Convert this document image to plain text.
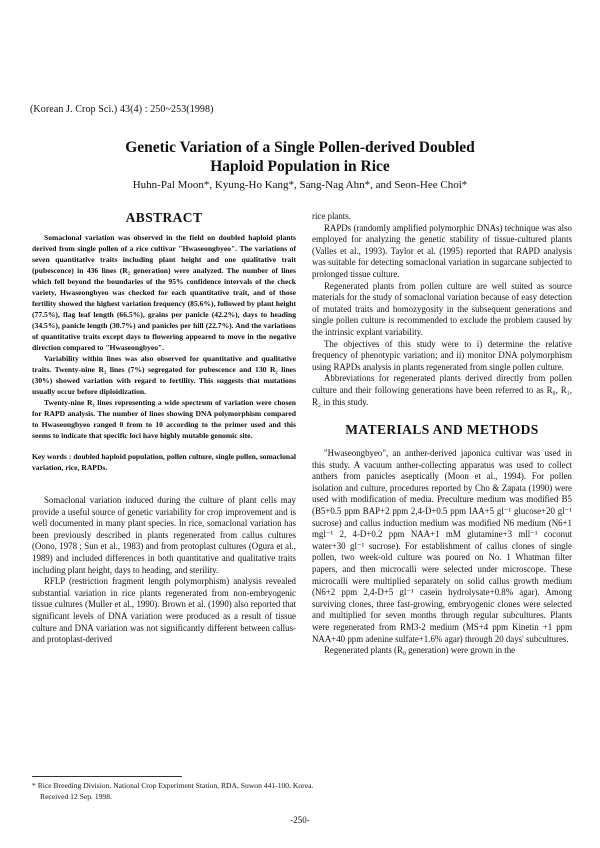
(Korean J. Crop Sci.) 43(4) : 250~253(1998)
Genetic Variation of a Single Pollen-derived Doubled
Haploid Population in Rice
Huhn-Pal Moon*, Kyung-Ho Kang*, Sang-Nag Ahn*, and Seon-Hee Choi*
ABSTRACT

Somaclonal variation was observed in the field on doubled haploid plants derived from single pollen of a rice cultivar "Hwaseongbyeo". The variations of seven quantitative traits including plant height and one qualitative trait (pubescence) in 436 lines (R₂ generation) were analyzed. The number of lines which fell beyond the boundaries of the 95% confidence intervals of the check variety, Hwaseongbyeo was checked for each quantitative trait, and of those fertility showed the highest variation frequency (85.6%), followed by plant height (77.5%), flag leaf length (66.5%), grains per panicle (42.2%), days to heading (34.5%), panicle length (30.7%) and panicles per hill (22.7%). And the variations of quantitative traits except days to flowering appeared to move in the negative direction compared to "Hwaseongbyeo".

Variability within lines was also observed for quantitative and qualitative traits. Twenty-nine R₂ lines (7%) segregated for pubescence and 130 R₂ lines (30%) showed variation with regard to fertility. This suggests that mutations usually occur before diploidization.

Twenty-nine R₂ lines representing a wide spectrum of variation were chosen for RAPD analysis. The number of lines showing DNA polymorphism compared to Hwaseongbyeo ranged 0 from to 10 according to the primer used and this seems to indicate that specific loci have highly mutable genomic site.

Key words : doubled haploid population, pollen culture, single pollen, somaclonal variation, rice, RAPDs.

Somaclonal variation induced during the culture of plant cells may provide a useful source of genetic variability for crop improvement and is well documented in many plant species. In rice, somaclonal variation has been previously described in plants regenerated from callus cultures (Oono, 1978 ; Sun et al., 1983) and from protoplast cultures (Ogura et al., 1989) and included differences in both quantitative and qualitative traits including plant height, days to heading, and sterility.

RFLP (restriction fragment length polymorphism) analysis revealed substantial variation in rice plants regenerated from non-embryogenic tissue cultures (Muller et al., 1990). Brown et al. (1990) also reported that significant levels of DNA variation were produced as a result of tissue culture and DNA variation was not significantly different between callus- and protoplast-derived

rice plants.

RAPDs (randomly amplified polymorphic DNAs) technique was also employed for analyzing the genetic stability of tissue-cultured plants (Valles et al., 1993). Taylor et al. (1995) reported that RAPD analysis was suitable for detecting somaclonal variation in sugarcane subjected to prolonged tissue culture.

Regenerated plants from pollen culture are well suited as source materials for the study of somaclonal variation because of easy detection of mutated traits and homozygosity in the subsequent generations and single pollen culture is recommended to exclude the problem caused by the intrinsic explant variability.

The objectives of this study were to i) determine the relative frequency of phenotypic variation; and ii) monitor DNA polymorphism using RAPDs analysis in plants regenerated from single pollen culture.

Abbreviations for regenerated plants derived directly from pollen culture and their following generations have been referred to as R₀, R₁, R₂ in this study.

MATERIALS AND METHODS

"Hwaseongbyeo", an anther-derived japonica cultivar was used in this study. A vacuum anther-collecting apparatus was used to collect anthers from panicles aseptically (Moon et al., 1994). For pollen isolation and culture, procedures reported by Cho & Zapata (1990) were used with modification of media. Preculture medium was modified B5 (B5+0.5 ppm BAP+2 ppm 2,4-D+0.5 ppm IAA+5 gl⁻¹ glucose+20 gl⁻¹ sucrose) and callus induction medium was modified N6 medium (N6+1 mgl⁻¹ 2, 4-D+0.2 ppm NAA+1 mM glutamine+3 mll⁻¹ coconut water+30 gl⁻¹ sucrose). For establishment of callus clones of single pollen, two week-old culture was poured on No. 1 Whatman filter papers, and then microcalli were selected under microscope. These microcalli were multiplied separately on solid callus growth medium (N6+2 ppm 2,4-D+5 gl⁻¹ casein hydrolysate+0.8% agar). Among surviving clones, three fast-growing, embryogenic clones were selected and multiplied for seven months through regular subcultures. Plants were regenerated from RM3-2 medium (MS+4 ppm Kinetin +1 ppm NAA+40 ppm adenine sulfate+1.6% agar) through 20 days' subcultures.

Regenerated plants (R₀ generation) were grown in the

* Rice Breeding Division, National Crop Experiment Station, RDA, Suwon 441-100, Korea.
Received 12 Sep. 1998.
-250-
